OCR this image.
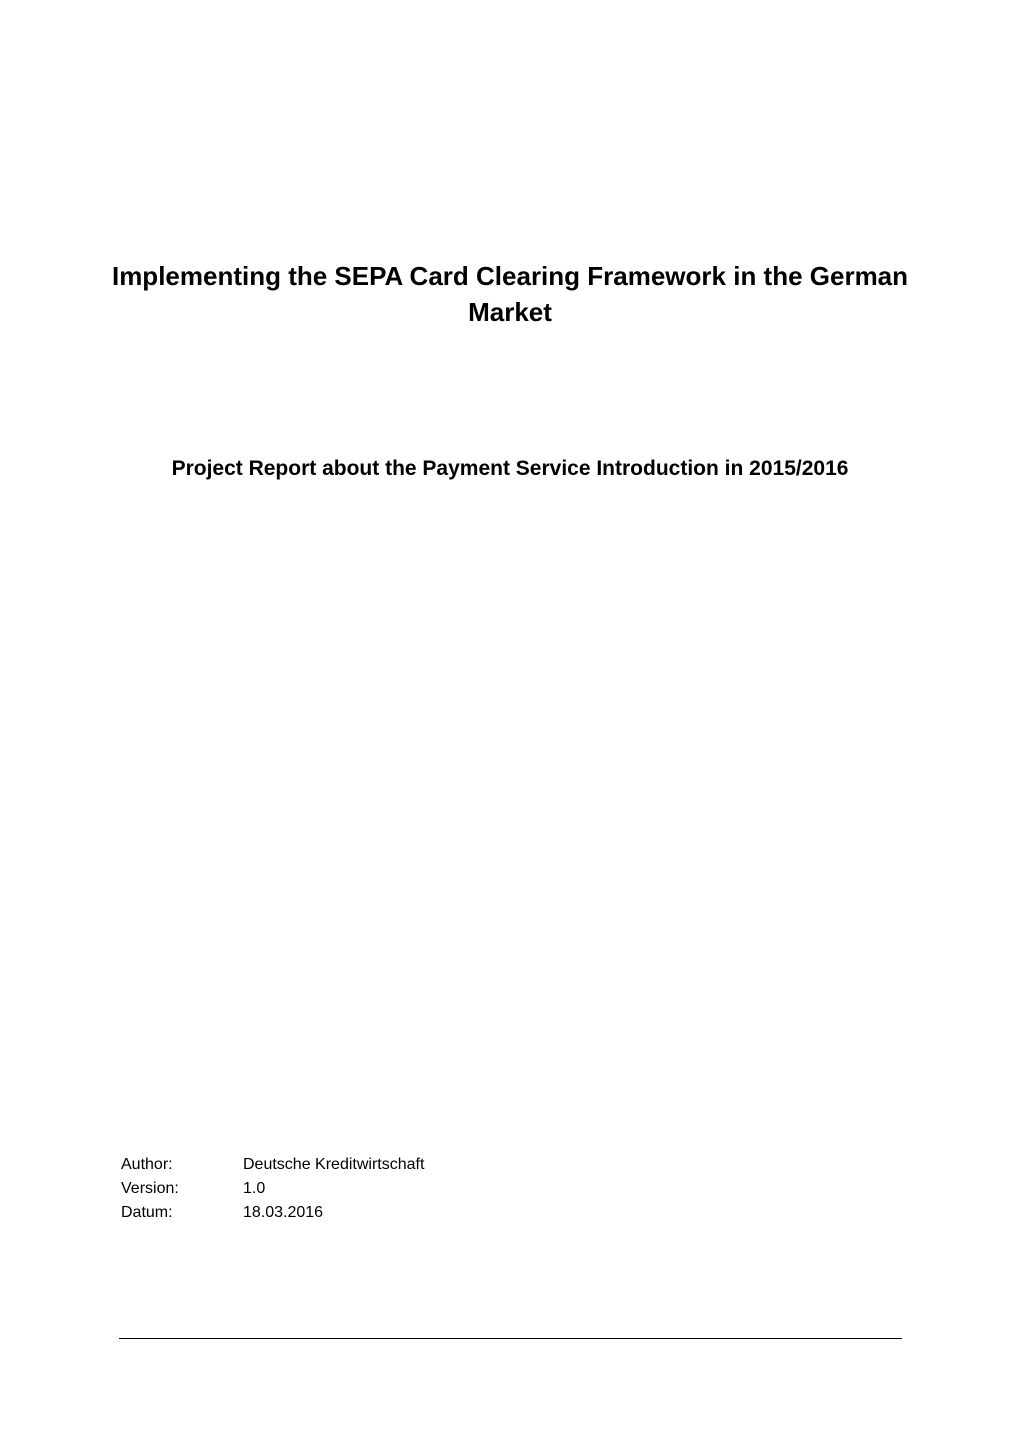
Implementing the SEPA Card Clearing Framework in the German Market
Project Report about the Payment Service Introduction in 2015/2016
Author:	Deutsche Kreditwirtschaft
Version:	1.0
Datum:	18.03.2016
